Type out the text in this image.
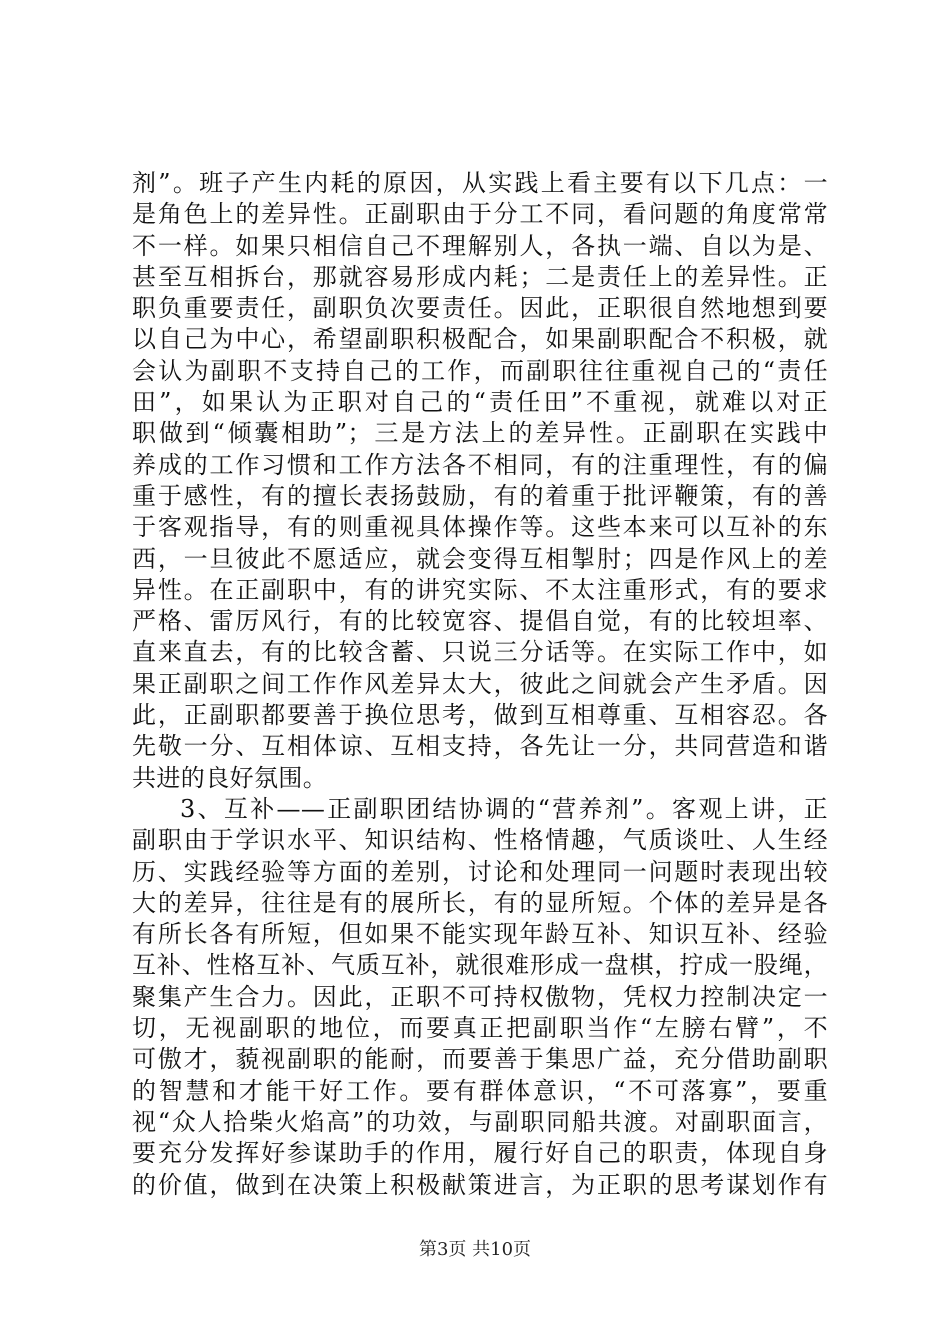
剂”。班子产生内耗的原因，从实践上看主要有以下几点：一
是角色上的差异性。正副职由于分工不同，看问题的角度常常
不一样。如果只相信自己不理解别人，各执一端、自以为是、
甚至互相拆台，那就容易形成内耗；二是责任上的差异性。正
职负重要责任，副职负次要责任。因此，正职很自然地想到要
以自己为中心，希望副职积极配合，如果副职配合不积极，就
会认为副职不支持自己的工作，而副职往往重视自己的“责任
田”，如果认为正职对自己的“责任田”不重视，就难以对正
职做到“倾囊相助”；三是方法上的差异性。正副职在实践中
养成的工作习惯和工作方法各不相同，有的注重理性，有的偏
重于感性，有的擅长表扬鼓励，有的着重于批评鞭策，有的善
于客观指导，有的则重视具体操作等。这些本来可以互补的东
西，一旦彼此不愿适应，就会变得互相掣肘；四是作风上的差
异性。在正副职中，有的讲究实际、不太注重形式，有的要求
严格、雷厉风行，有的比较宽容、提倡自觉，有的比较坦率、
直来直去，有的比较含蓄、只说三分话等。在实际工作中，如
果正副职之间工作作风差异太大，彼此之间就会产生矛盾。因
此，正副职都要善于换位思考，做到互相尊重、互相容忍。各
先敬一分、互相体谅、互相支持，各先让一分，共同营造和谐
共进的良好氛围。
3、互补——正副职团结协调的“营养剂”。客观上讲，正
副职由于学识水平、知识结构、性格情趣，气质谈吐、人生经
历、实践经验等方面的差别，讨论和处理同一问题时表现出较
大的差异，往往是有的展所长，有的显所短。个体的差异是各
有所长各有所短，但如果不能实现年龄互补、知识互补、经验
互补、性格互补、气质互补，就很难形成一盘棋，拧成一股绳，
聚集产生合力。因此，正职不可持权傲物，凭权力控制决定一
切，无视副职的地位，而要真正把副职当作“左膀右臂”，不
可傲才，藐视副职的能耐，而要善于集思广益，充分借助副职
的智慧和才能干好工作。要有群体意识，“不可落寡”，要重
视“众人拾柴火焰高”的功效，与副职同船共渡。对副职面言，
要充分发挥好参谋助手的作用，履行好自己的职责，体现自身
的价值，做到在决策上积极献策进言，为正职的思考谋划作有
第3页 共10页
